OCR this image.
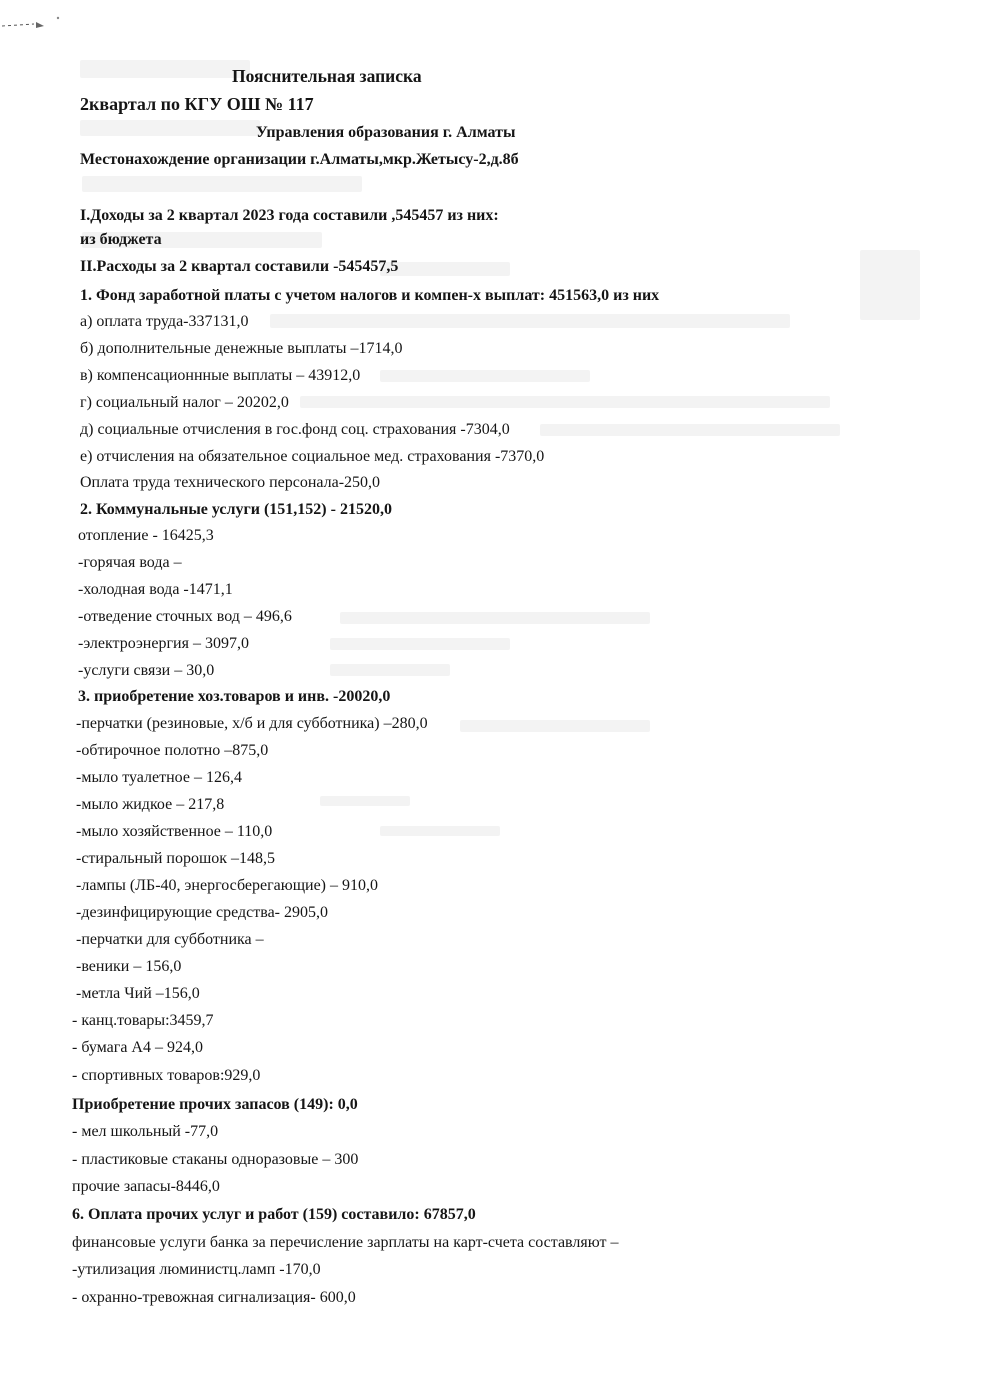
Пояснительная записка
2квартал по КГУ ОШ № 117
Управления образования г. Алматы
Местонахождение организации г.Алматы,мкр.Жетысу-2,д.8б
I.Доходы за 2 квартал 2023 года составили ,545457 из них:
из бюджета
II.Расходы за 2 квартал составили -545457,5
1. Фонд заработной платы с учетом налогов и компен-х выплат: 451563,0 из них
а) оплата труда-337131,0
б) дополнительные денежные выплаты –1714,0
в) компенсационнные выплаты – 43912,0
г) социальный налог – 20202,0
д) социальные отчисления в гос.фонд соц. страхования -7304,0
е) отчисления на обязательное социальное мед. страхования -7370,0
Оплата труда технического персонала-250,0
2. Коммунальные услуги (151,152) - 21520,0
отопление - 16425,3
-горячая вода –
-холодная вода -1471,1
-отведение сточных вод – 496,6
-электроэнергия – 3097,0
-услуги связи – 30,0
3. приобретение хоз.товаров и инв. -20020,0
-перчатки (резиновые, х/б и для субботника) –280,0
-обтирочное полотно –875,0
-мыло туалетное – 126,4
-мыло жидкое – 217,8
-мыло хозяйственное – 110,0
-стиральный порошок –148,5
-лампы (ЛБ-40, энергосберегающие) – 910,0
-дезинфицирующие средства- 2905,0
-перчатки для субботника –
-веники – 156,0
-метла Чий –156,0
- канц.товары:3459,7
- бумага А4 – 924,0
- спортивных товаров:929,0
Приобретение прочих запасов (149): 0,0
- мел школьный -77,0
- пластиковые стаканы одноразовые – 300
прочие запасы-8446,0
6. Оплата прочих услуг и работ (159) составило: 67857,0
финансовые услуги банка за перечисление зарплаты на карт-счета составляют –
-утилизация люминистц.ламп -170,0
- охранно-тревожная сигнализация- 600,0
